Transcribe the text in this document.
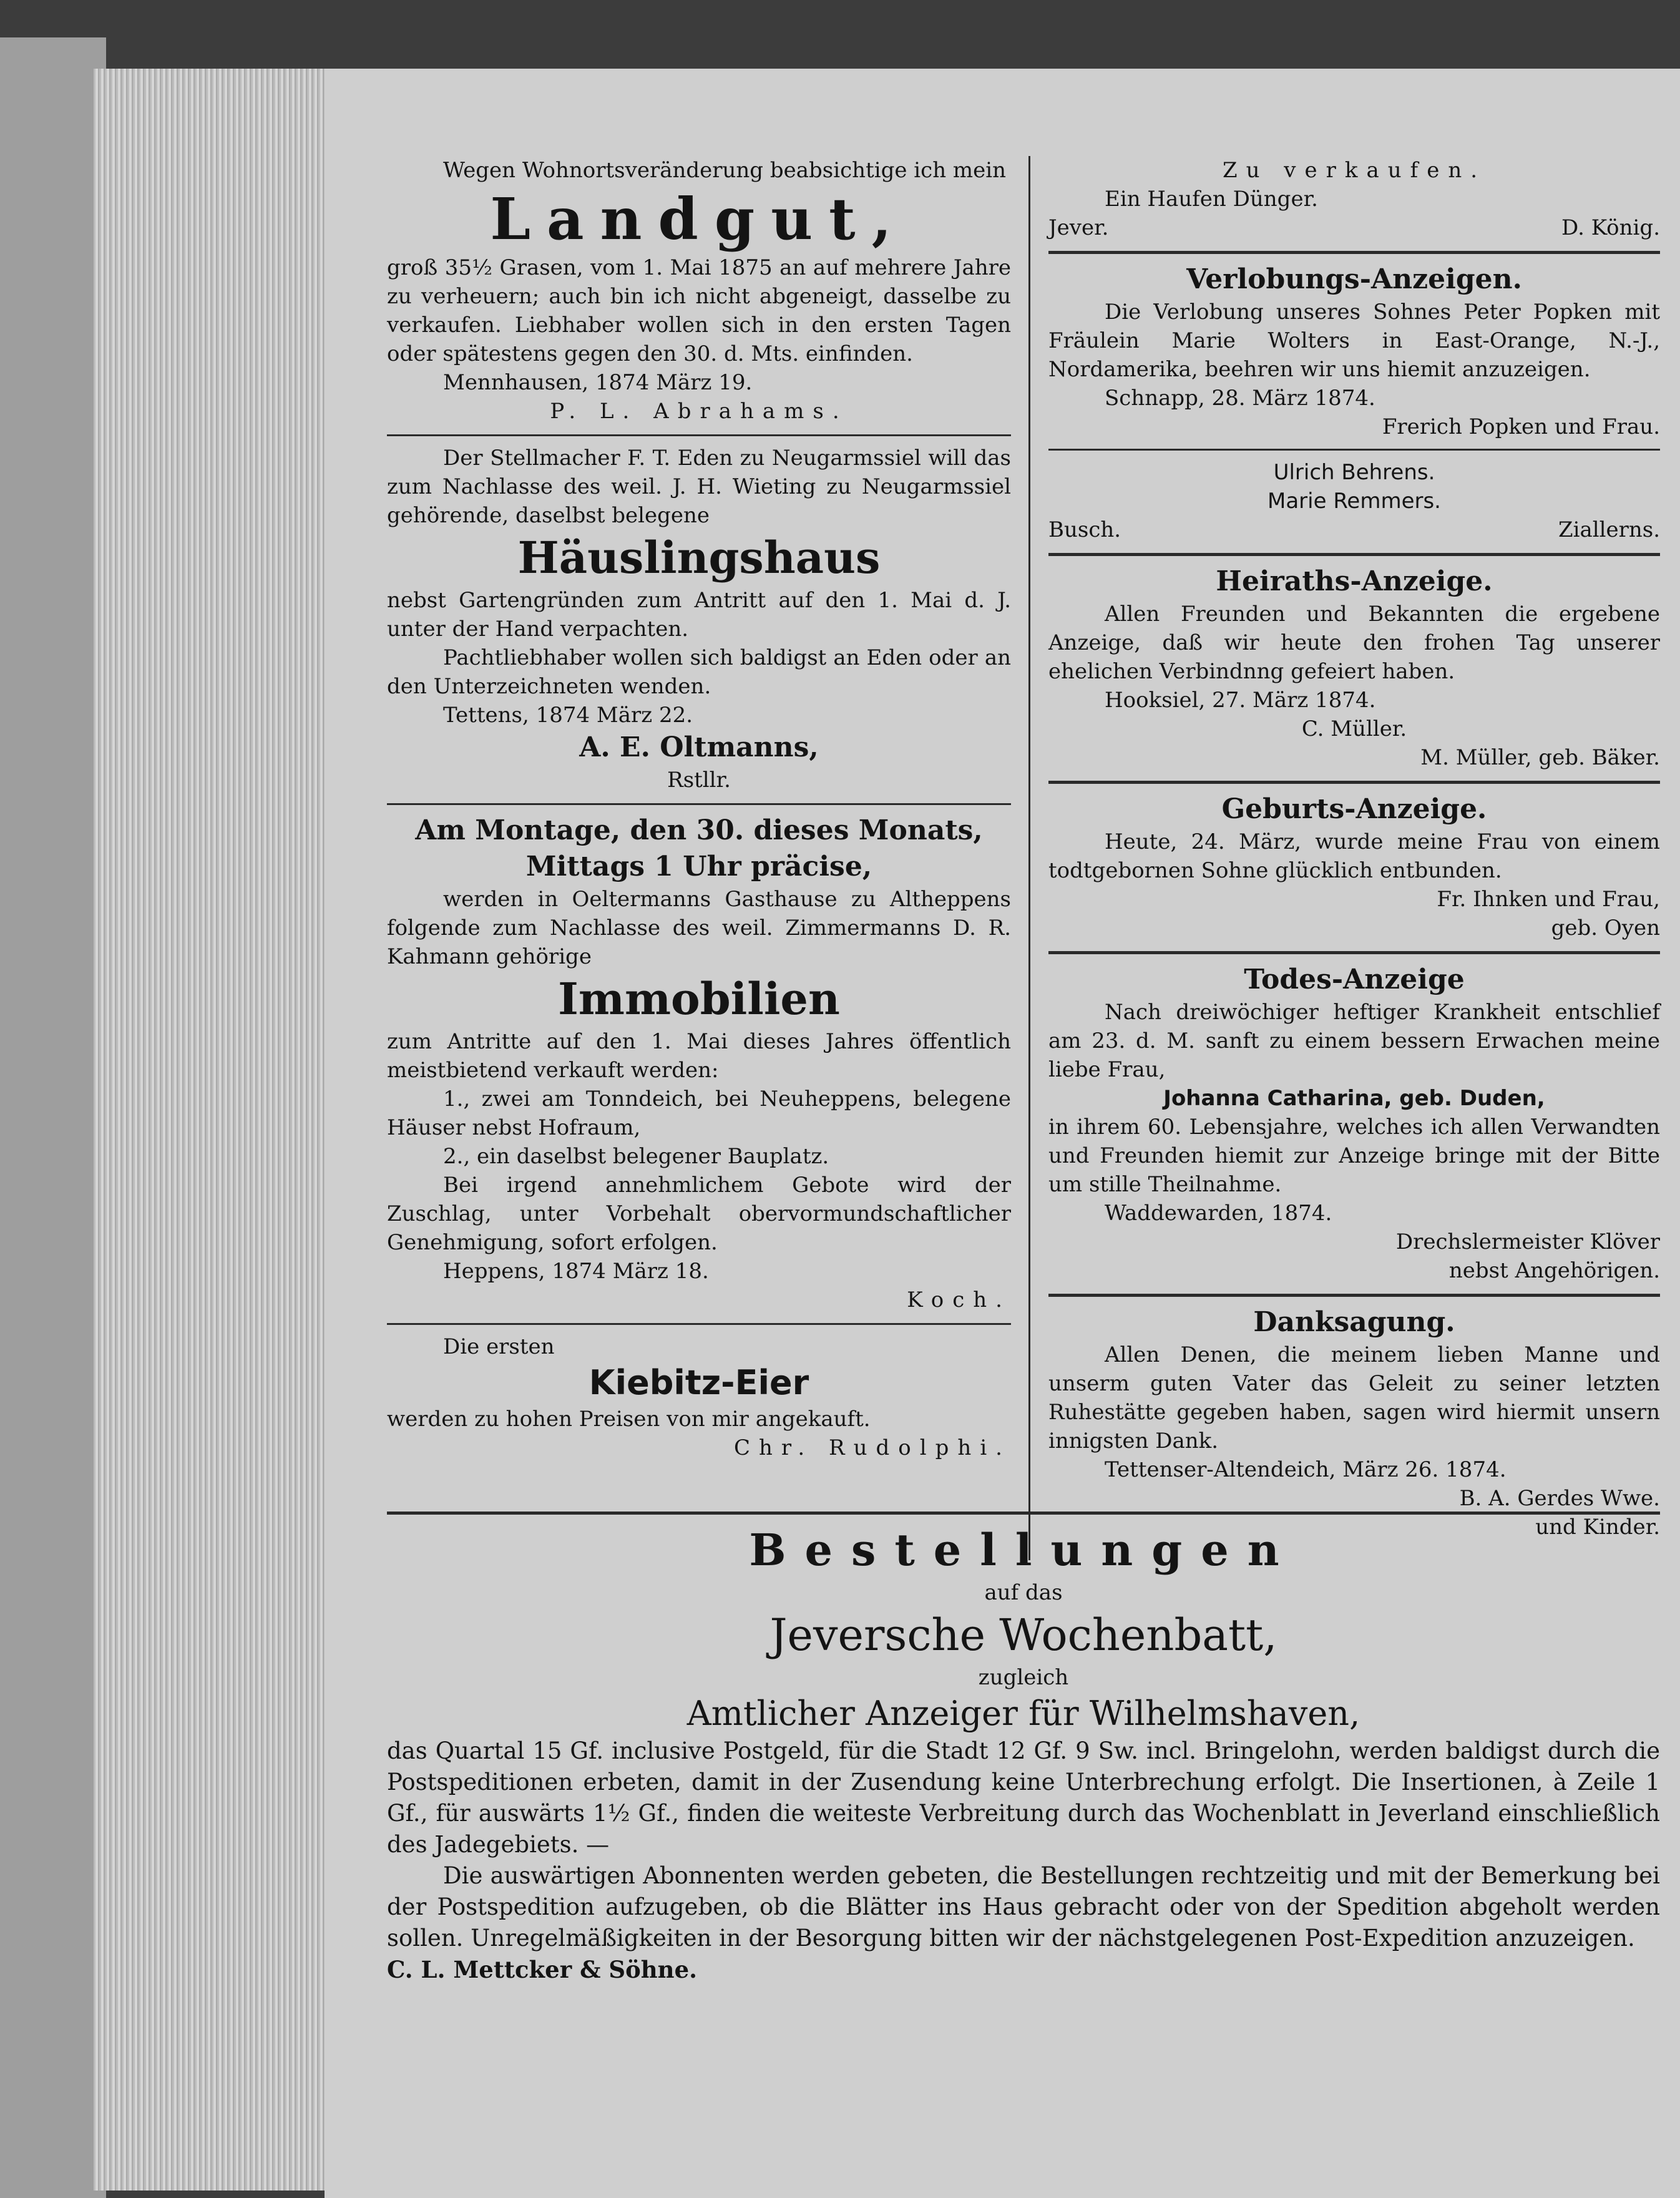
Wegen Wohnortsveränderung beabsichtige ich mein
Landgut,
groß 35½ Grasen, vom 1. Mai 1875 an auf mehrere Jahre zu verheuern; auch bin ich nicht abgeneigt, dasselbe zu verkaufen. Liebhaber wollen sich in den ersten Tagen oder spätestens gegen den 30. d. Mts. einfinden.
Mennhausen, 1874 März 19.
P. L. Abrahams.
Der Stellmacher F. T. Eden zu Neugarmssiel will das zum Nachlasse des weil. J. H. Wieting zu Neugarmssiel gehörende, daselbst belegene
Häuslingshaus
nebst Gartengründen zum Antritt auf den 1. Mai d. J. unter der Hand verpachten.
Pachtliebhaber wollen sich baldigst an Eden oder an den Unterzeichneten wenden.
Tettens, 1874 März 22.
A. E. Oltmanns,
Rstllr.
Am Montage, den 30. dieses Monats,
Mittags 1 Uhr präcise,
werden in Oeltermanns Gasthause zu Altheppens folgende zum Nachlasse des weil. Zimmermanns D. R. Kahmann gehörige
Immobilien
zum Antritte auf den 1. Mai dieses Jahres öffentlich meistbietend verkauft werden:
1., zwei am Tonndeich, bei Neuheppens, belegene Häuser nebst Hofraum,
2., ein daselbst belegener Bauplatz.
Bei irgend annehmlichem Gebote wird der Zuschlag, unter Vorbehalt obervormundschaftlicher Genehmigung, sofort erfolgen.
Heppens, 1874 März 18.
Koch.
Die ersten
Kiebitz-Eier
werden zu hohen Preisen von mir angekauft.
Chr. Rudolphi.
Zu verkaufen.
Ein Haufen Dünger.
Jever.	D. König.
Verlobungs-Anzeigen.
Die Verlobung unseres Sohnes Peter Popken mit Fräulein Marie Wolters in East-Orange, N.-J., Nordamerika, beehren wir uns hiemit anzuzeigen.
Schnapp, 28. März 1874.
Frerich Popken und Frau.
Ulrich Behrens.
Marie Remmers.
Busch.	Ziallerns.
Heiraths-Anzeige.
Allen Freunden und Bekannten die ergebene Anzeige, daß wir heute den frohen Tag unserer ehelichen Verbindnng gefeiert haben.
Hooksiel, 27. März 1874.
C. Müller.
M. Müller, geb. Bäker.
Geburts-Anzeige.
Heute, 24. März, wurde meine Frau von einem todtgebornen Sohne glücklich entbunden.
Fr. Ihnken und Frau,
geb. Oyen
Todes-Anzeige
Nach dreiwöchiger heftiger Krankheit entschlief am 23. d. M. sanft zu einem bessern Erwachen meine liebe Frau,
Johanna Catharina, geb. Duden,
in ihrem 60. Lebensjahre, welches ich allen Verwandten und Freunden hiemit zur Anzeige bringe mit der Bitte um stille Theilnahme.
Waddewarden, 1874.
Drechslermeister Klöver
nebst Angehörigen.
Danksagung.
Allen Denen, die meinem lieben Manne und unserm guten Vater das Geleit zu seiner letzten Ruhestätte gegeben haben, sagen wird hiermit unsern innigsten Dank.
Tettenser-Altendeich, März 26. 1874.
B. A. Gerdes Wwe.
und Kinder.
Bestellungen
auf das
Jeversche Wochenbatt,
zugleich
Amtlicher Anzeiger für Wilhelmshaven,
das Quartal 15 Gf. inclusive Postgeld, für die Stadt 12 Gf. 9 Sw. incl. Bringelohn, werden baldigst durch die Postspeditionen erbeten, damit in der Zusendung keine Unterbrechung erfolgt. Die Insertionen, à Zeile 1 Gf., für auswärts 1½ Gf., finden die weiteste Verbreitung durch das Wochenblatt in Jeverland einschließlich des Jadegebiets. —
Die auswärtigen Abonnenten werden gebeten, die Bestellungen rechtzeitig und mit der Bemerkung bei der Postspedition aufzugeben, ob die Blätter ins Haus gebracht oder von der Spedition abgeholt werden sollen. Unregelmäßigkeiten in der Besorgung bitten wir der nächstgelegenen Post-Expedition anzuzeigen.
C. L. Mettcker & Söhne.
